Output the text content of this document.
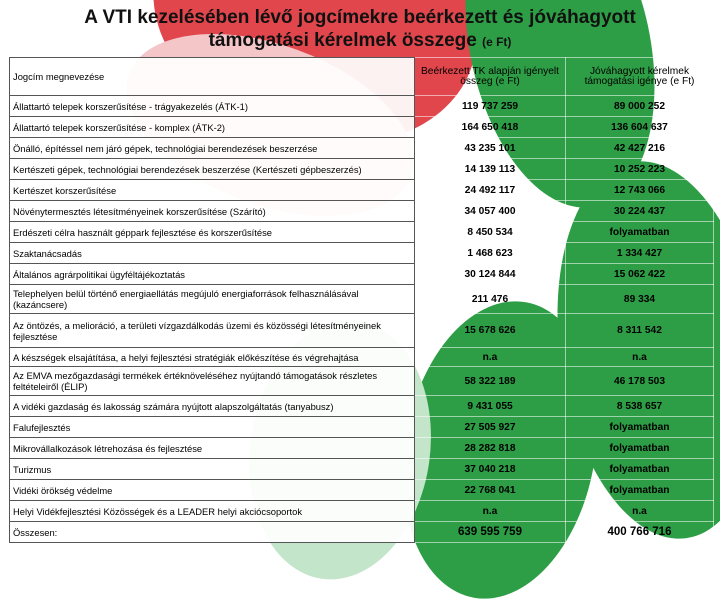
A VTI kezelésében lévő jogcímekre beérkezett és jóváhagyott
támogatási kérelmek összege (e Ft)
Jogcím megnevezése	Beérkezett TK alapján igényelt összeg (e Ft)	Jóváhagyott kérelmek támogatási igénye (e Ft)
Állattartó telepek korszerűsítése - trágyakezelés (ÁTK-1)	119 737 259	89 000 252
Állattartó telepek korszerűsítése - komplex (ÁTK-2)	164 650 418	136 604 637
Önálló, építéssel nem járó gépek, technológiai berendezések beszerzése	43 235 101	42 427 216
Kertészeti gépek, technológiai berendezések beszerzése (Kertészeti gépbeszerzés)	14 139 113	10 252 223
Kertészet korszerűsítése	24 492 117	12 743 066
Növénytermesztés létesítményeinek korszerűsítése (Szárító)	34 057 400	30 224 437
Erdészeti célra használt géppark fejlesztése és korszerűsítése	8 450 534	folyamatban
Szaktanácsadás	1 468 623	1 334 427
Általános agrárpolitikai ügyféltájékoztatás	30 124 844	15 062 422
Telephelyen belül történő energiaellátás megújuló energiaforrások felhasználásával (kazáncsere)	211 476	89 334
Az öntözés, a melioráció, a területi vízgazdálkodás üzemi és közösségi létesítményeinek fejlesztése	15 678 626	8 311 542
A készségek elsajátítása, a helyi fejlesztési stratégiák előkészítése és végrehajtása	n.a	n.a
Az EMVA mezőgazdasági termékek értéknöveléséhez nyújtandó támogatások részletes feltételeiről (ÉLIP)	58 322 189	46 178 503
A vidéki gazdaság és lakosság számára nyújtott alapszolgáltatás (tanyabusz)	9 431 055	8 538 657
Falufejlesztés	27 505 927	folyamatban
Mikrovállalkozások létrehozása és fejlesztése	28 282 818	folyamatban
Turizmus	37 040 218	folyamatban
Vidéki örökség védelme	22 768 041	folyamatban
Helyi Vidékfejlesztési Közösségek és a LEADER helyi akciócsoportok	n.a	n.a
Összesen:	639 595 759	400 766 716
